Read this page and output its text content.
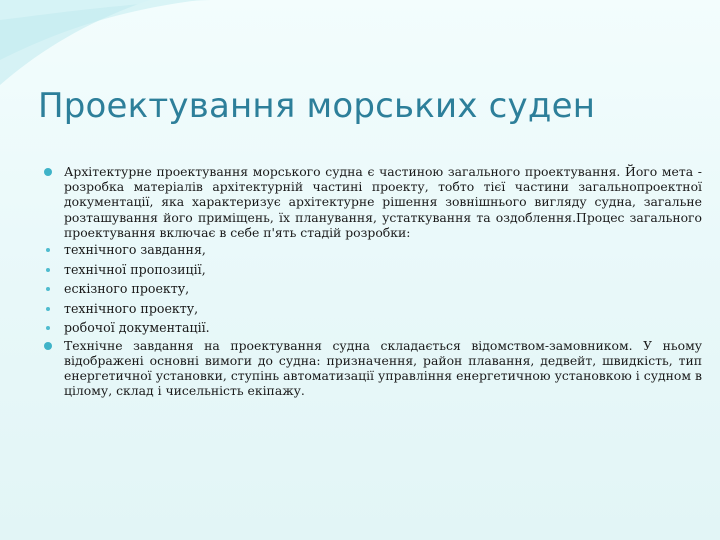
Проектування морських суден
Архітектурне проектування морського судна є частиною загального проектування. Його мета - розробка матеріалів архітектурній частині проекту, тобто тієї частини загальнопроектної документації, яка характеризує архітектурне рішення зовнішнього вигляду судна, загальне розташування його приміщень, їх планування, устаткування та оздоблення.Процес загального проектування включає в себе п'ять стадій розробки:
технічного завдання,
технічної пропозиції,
ескізного проекту,
технічного проекту,
робочої документації.
Технічне завдання на проектування судна складається відомством-замовником. У ньому відображені основні вимоги до судна: призначення, район плавання, дедвейт, швидкість, тип енергетичної установки, ступінь автоматизації управління енергетичною установкою і судном в цілому, склад і чисельність екіпажу.
